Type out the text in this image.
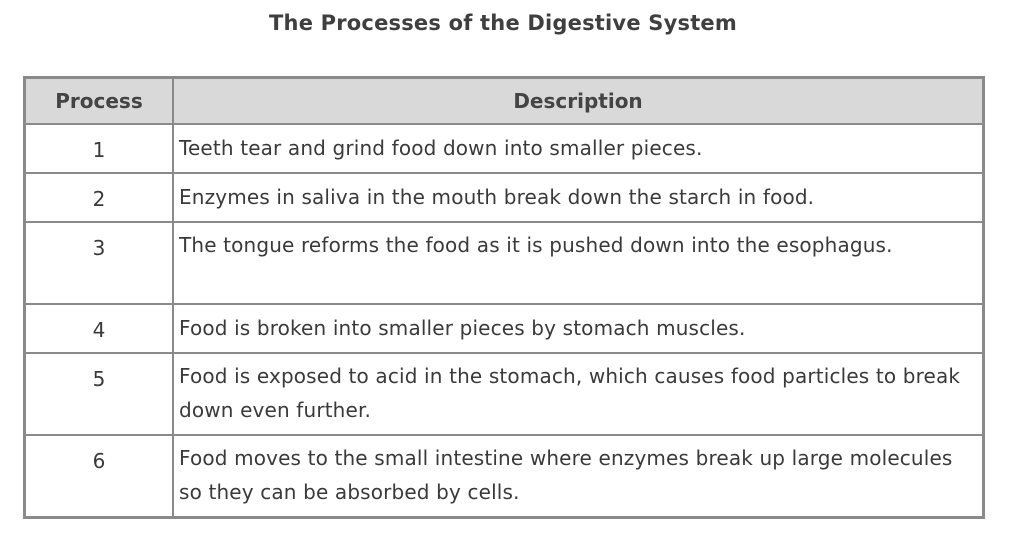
The Processes of the Digestive System
Process	Description
1	Teeth tear and grind food down into smaller pieces.
2	Enzymes in saliva in the mouth break down the starch in food.
3	The tongue reforms the food as it is pushed down into the esophagus.
4	Food is broken into smaller pieces by stomach muscles.
5	Food is exposed to acid in the stomach, which causes food particles to break down even further.
6	Food moves to the small intestine where enzymes break up large molecules so they can be absorbed by cells.
